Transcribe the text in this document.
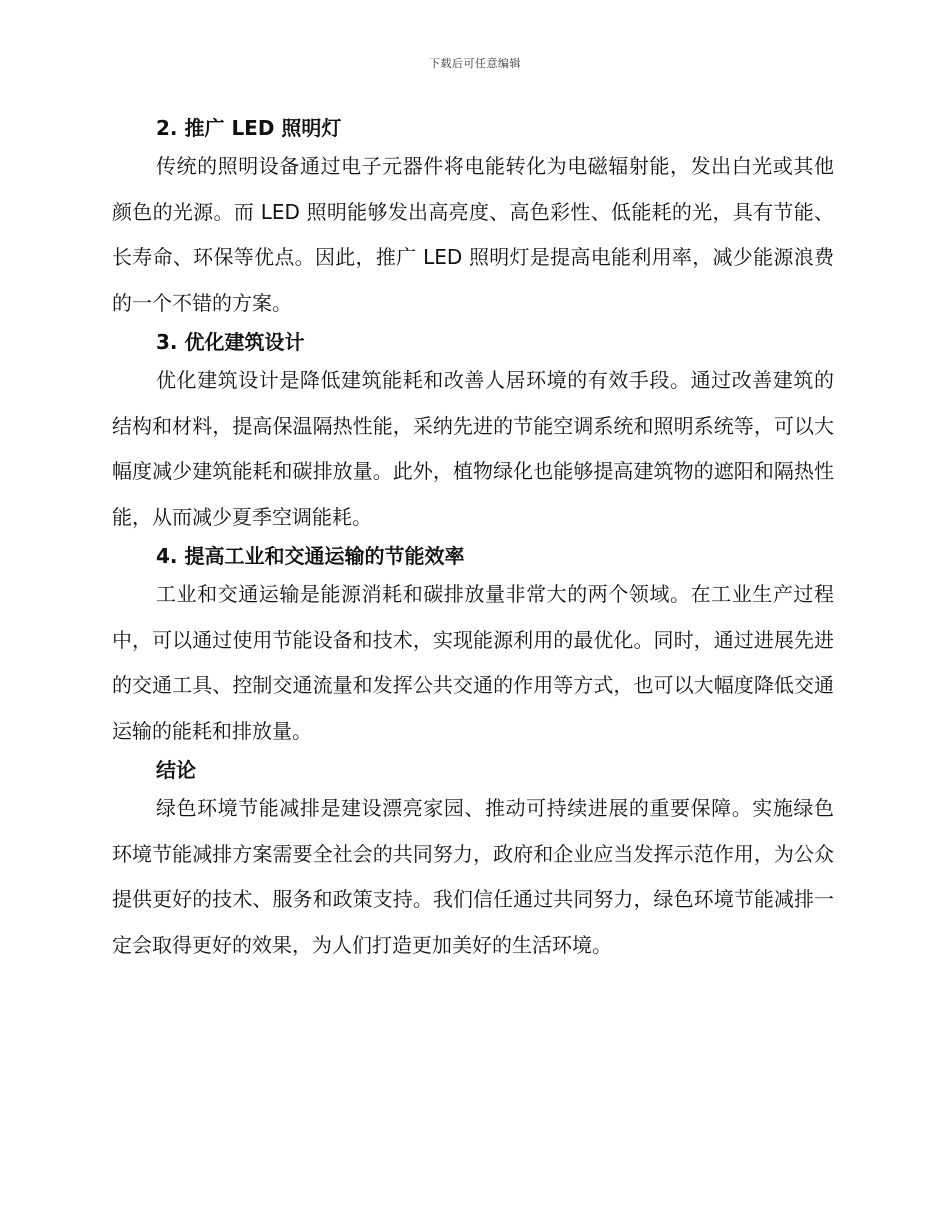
下载后可任意编辑
2. 推广 LED 照明灯

传统的照明设备通过电子元器件将电能转化为电磁辐射能，发出白光或其他颜色的光源。而 LED 照明能够发出高亮度、高色彩性、低能耗的光，具有节能、长寿命、环保等优点。因此，推广 LED 照明灯是提高电能利用率，减少能源浪费的一个不错的方案。

3. 优化建筑设计

优化建筑设计是降低建筑能耗和改善人居环境的有效手段。通过改善建筑的结构和材料，提高保温隔热性能，采纳先进的节能空调系统和照明系统等，可以大幅度减少建筑能耗和碳排放量。此外，植物绿化也能够提高建筑物的遮阳和隔热性能，从而减少夏季空调能耗。

4. 提高工业和交通运输的节能效率

工业和交通运输是能源消耗和碳排放量非常大的两个领域。在工业生产过程中，可以通过使用节能设备和技术，实现能源利用的最优化。同时，通过进展先进的交通工具、控制交通流量和发挥公共交通的作用等方式，也可以大幅度降低交通运输的能耗和排放量。

结论

绿色环境节能减排是建设漂亮家园、推动可持续进展的重要保障。实施绿色环境节能减排方案需要全社会的共同努力，政府和企业应当发挥示范作用，为公众提供更好的技术、服务和政策支持。我们信任通过共同努力，绿色环境节能减排一定会取得更好的效果，为人们打造更加美好的生活环境。
